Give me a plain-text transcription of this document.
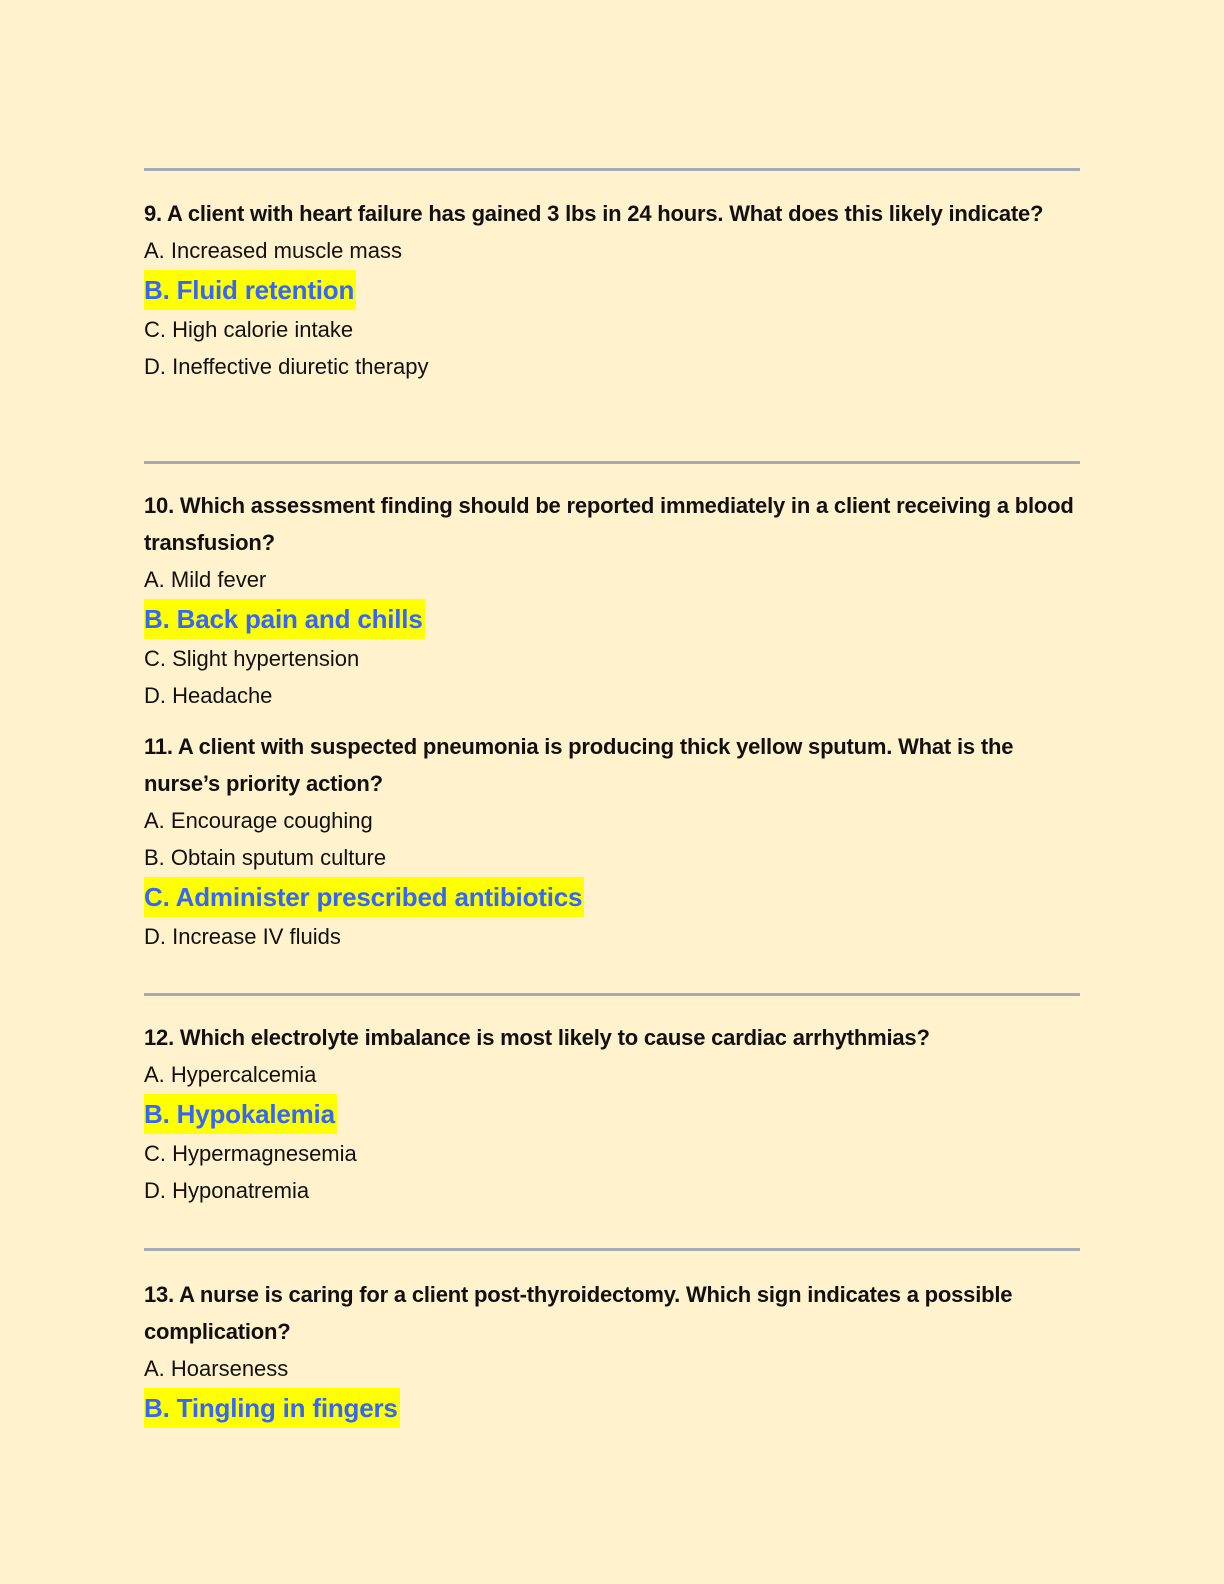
9. A client with heart failure has gained 3 lbs in 24 hours. What does this likely indicate?

A. Increased muscle mass

B. Fluid retention

C. High calorie intake

D. Ineffective diuretic therapy

10. Which assessment finding should be reported immediately in a client receiving a blood transfusion?

A. Mild fever

B. Back pain and chills

C. Slight hypertension

D. Headache

11. A client with suspected pneumonia is producing thick yellow sputum. What is the nurse’s priority action?

A. Encourage coughing

B. Obtain sputum culture

C. Administer prescribed antibiotics

D. Increase IV fluids

12. Which electrolyte imbalance is most likely to cause cardiac arrhythmias?

A. Hypercalcemia

B. Hypokalemia

C. Hypermagnesemia

D. Hyponatremia

13. A nurse is caring for a client post-thyroidectomy. Which sign indicates a possible complication?

A. Hoarseness

B. Tingling in fingers
